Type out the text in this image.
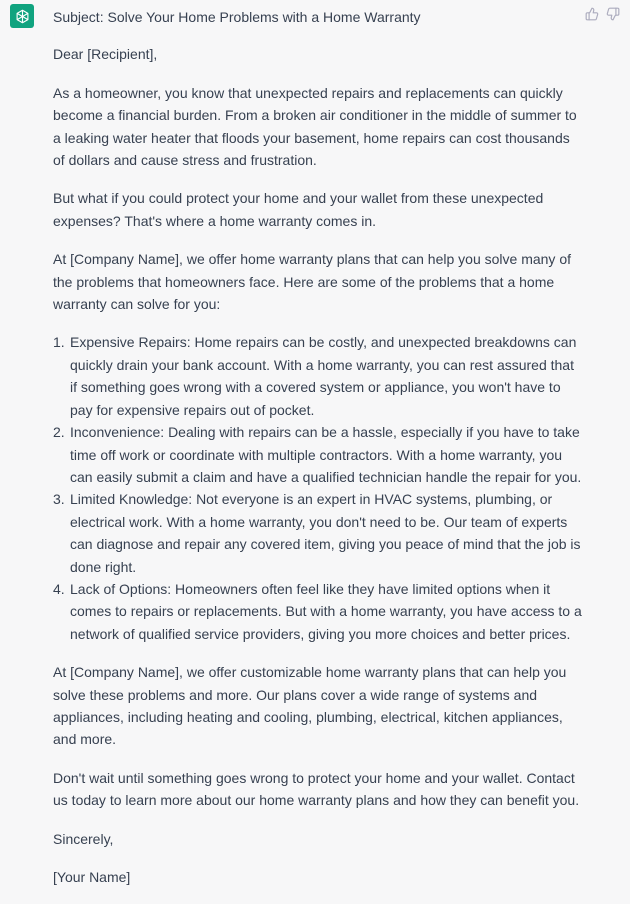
Subject: Solve Your Home Problems with a Home Warranty

Dear [Recipient],

As a homeowner, you know that unexpected repairs and replacements can quickly become a financial burden. From a broken air conditioner in the middle of summer to a leaking water heater that floods your basement, home repairs can cost thousands of dollars and cause stress and frustration.

But what if you could protect your home and your wallet from these unexpected expenses? That's where a home warranty comes in.

At [Company Name], we offer home warranty plans that can help you solve many of the problems that homeowners face. Here are some of the problems that a home warranty can solve for you:

1. Expensive Repairs: Home repairs can be costly, and unexpected breakdowns can quickly drain your bank account. With a home warranty, you can rest assured that if something goes wrong with a covered system or appliance, you won't have to pay for expensive repairs out of pocket.
2. Inconvenience: Dealing with repairs can be a hassle, especially if you have to take time off work or coordinate with multiple contractors. With a home warranty, you can easily submit a claim and have a qualified technician handle the repair for you.
3. Limited Knowledge: Not everyone is an expert in HVAC systems, plumbing, or electrical work. With a home warranty, you don't need to be. Our team of experts can diagnose and repair any covered item, giving you peace of mind that the job is done right.
4. Lack of Options: Homeowners often feel like they have limited options when it comes to repairs or replacements. But with a home warranty, you have access to a network of qualified service providers, giving you more choices and better prices.

At [Company Name], we offer customizable home warranty plans that can help you solve these problems and more. Our plans cover a wide range of systems and appliances, including heating and cooling, plumbing, electrical, kitchen appliances, and more.

Don't wait until something goes wrong to protect your home and your wallet. Contact us today to learn more about our home warranty plans and how they can benefit you.

Sincerely,

[Your Name]
